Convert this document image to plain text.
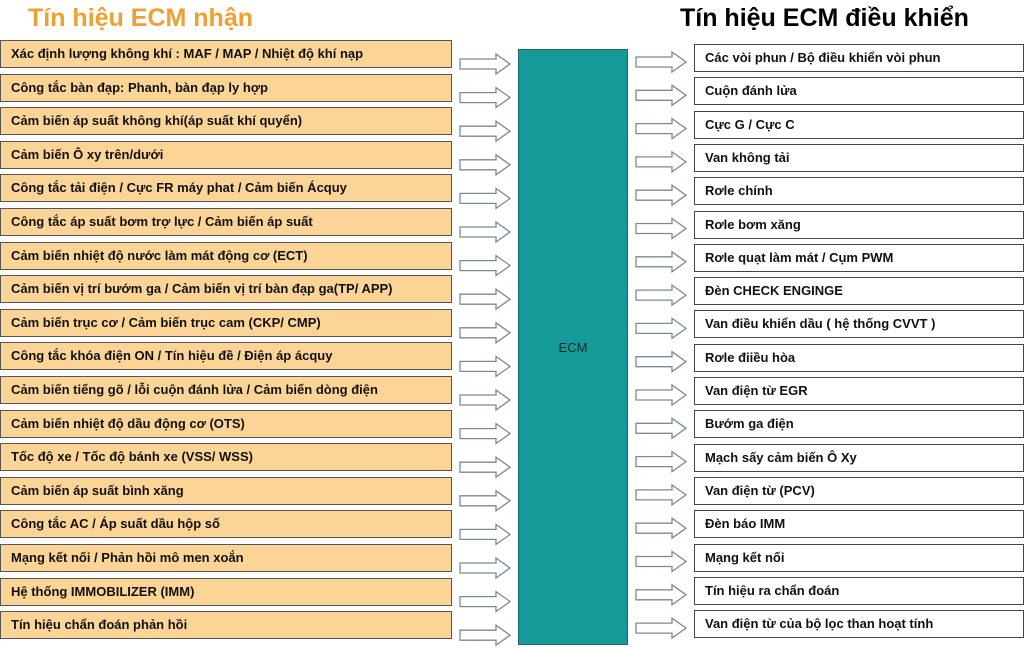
Tín hiệu ECM nhận	Tín hiệu ECM điều khiển
Xác định lượng không khí : MAF / MAP / Nhiệt độ khí nạp
Công tắc bàn đạp: Phanh, bàn đạp ly hợp
Cảm biến áp suất không khí(áp suất khí quyển)
Cảm biến Ô xy trên/dưới
Công tắc tải điện / Cực FR máy phat / Cảm biến Ácquy
Công tắc áp suất bơm trợ lực / Cảm biến áp suất
Cảm biến nhiệt độ nước làm mát động cơ (ECT)
Cảm biến vị trí bướm ga / Cảm biến vị trí bàn đạp ga(TP/ APP)
Cảm biến trục cơ / Cảm biến trục cam (CKP/ CMP)
Công tắc khóa điện ON / Tín hiệu đề / Điện áp ácquy
Cảm biến tiếng gõ / lỗi cuộn đánh lửa / Cảm biến dòng điện
Cảm biến nhiệt độ dầu động cơ (OTS)
Tốc độ xe / Tốc độ bánh xe (VSS/ WSS)
Cảm biến áp suất bình xăng
Công tắc AC / Áp suất dầu hộp số
Mạng kết nối / Phản hồi mô men xoắn
Hệ thống IMMOBILIZER (IMM)
Tín hiệu chẩn đoán phản hồi
Các vòi phun / Bộ điều khiển vòi phun
Cuộn đánh lửa
Cực G / Cực C
Van không tải
Rơle chính
Rơle bơm xăng
Rơle quạt làm mát / Cụm PWM
Đèn CHECK ENGINGE
Van điều khiển dầu ( hệ thống CVVT )
Rơle điiều hòa
Van điện từ EGR
Bướm ga điện
Mạch sấy cảm biến Ô Xy
Van điện từ (PCV)
Đèn báo IMM
Mạng kết nối
Tín hiệu ra chẩn đoán
Van điện từ của bộ lọc than hoạt tính
ECM
